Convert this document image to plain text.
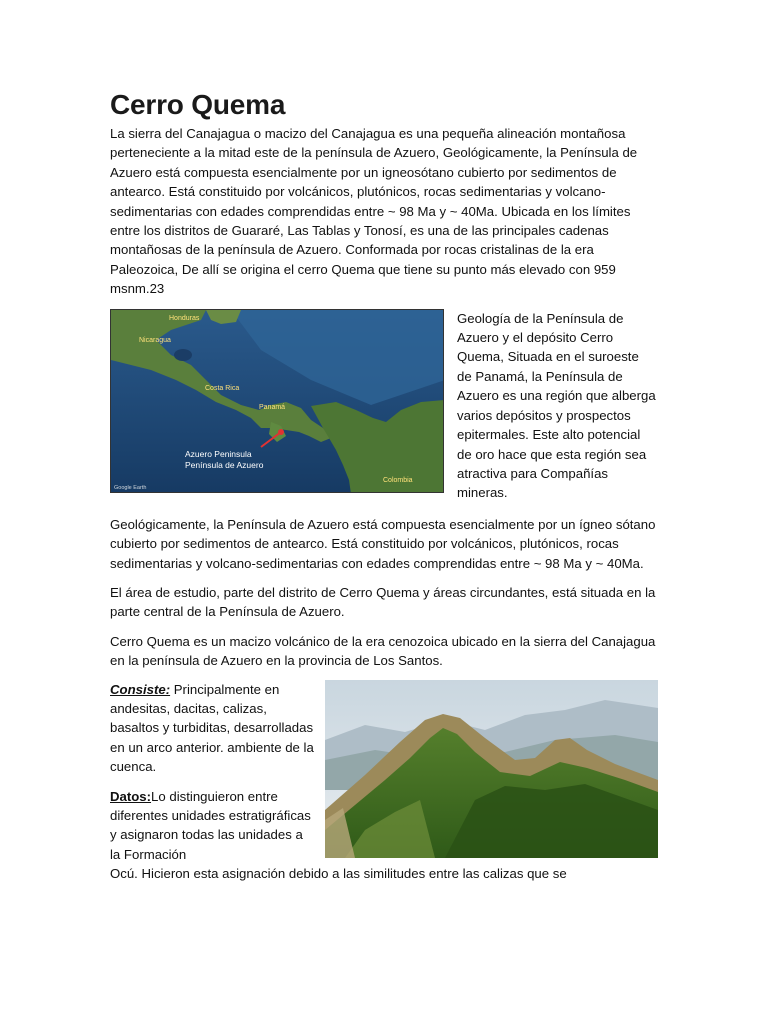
Cerro Quema

La sierra del Canajagua o macizo del Canajagua es una pequeña alineación montañosa perteneciente a la mitad este de la península de Azuero, Geológicamente, la Península de Azuero está compuesta esencialmente por un igneosótano cubierto por sedimentos de antearco. Está constituido por volcánicos, plutónicos, rocas sedimentarias y volcano-sedimentarias con edades comprendidas entre ~ 98 Ma y ~ 40Ma. Ubicada en los límites entre los distritos de Guararé, Las Tablas y Tonosí, es una de las principales cadenas montañosas de la península de Azuero. Conformada por rocas cristalinas de la era Paleozoica, De allí se origina el cerro Quema que tiene su punto más elevado con 959 msnm.23

Honduras
Nicaragua
Costa Rica
Panamá
Colombia
Azuero Peninsula
Península de Azuero
Google Earth

Geología de la Península de Azuero y el depósito Cerro Quema, Situada en el suroeste de Panamá, la Península de Azuero es una región que alberga varios depósitos y prospectos epitermales. Este alto potencial de oro hace que esta región sea atractiva para Compañías mineras.

Geológicamente, la Península de Azuero está compuesta esencialmente por un ígneo sótano cubierto por sedimentos de antearco. Está constituido por volcánicos, plutónicos, rocas sedimentarias y volcano-sedimentarias con edades comprendidas entre ~ 98 Ma y ~ 40Ma.

El área de estudio, parte del distrito de Cerro Quema y áreas circundantes, está situada en la parte central de la Península de Azuero.

Cerro Quema es un macizo volcánico de la era cenozoica ubicado en la sierra del Canajagua en la península de Azuero en la provincia de Los Santos.

Consiste: Principalmente en andesitas, dacitas, calizas, basaltos y turbiditas, desarrolladas en un arco anterior. ambiente de la cuenca.

Datos:Lo distinguieron entre diferentes unidades estratigráficas y asignaron todas las unidades a la Formación

Ocú. Hicieron esta asignación debido a las similitudes entre las calizas que se
